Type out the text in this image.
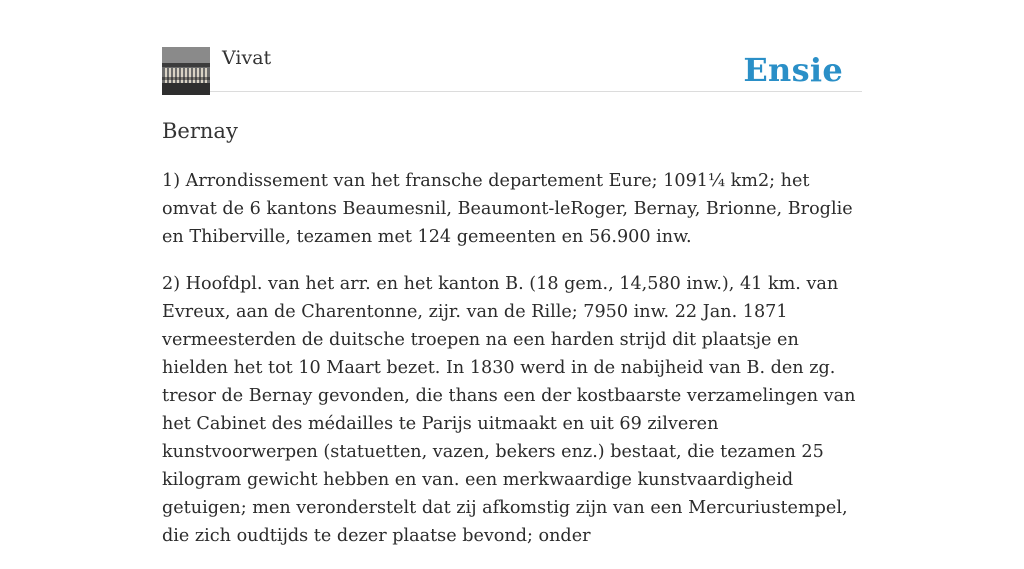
Vivat	Ensie
Bernay

1) Arrondissement van het fransche departement Eure; 1091¼ km2; het omvat de 6 kantons Beaumesnil, Beaumont-leRoger, Bernay, Brionne, Broglie en Thiberville, tezamen met 124 gemeenten en 56.900 inw.

2) Hoofdpl. van het arr. en het kanton B. (18 gem., 14,580 inw.), 41 km. van Evreux, aan de Charentonne, zijr. van de Rille; 7950 inw. 22 Jan. 1871 vermeesterden de duitsche troepen na een harden strijd dit plaatsje en hielden het tot 10 Maart bezet. In 1830 werd in de nabijheid van B. den zg. tresor de Bernay gevonden, die thans een der kostbaarste verzamelingen van het Cabinet des médailles te Parijs uitmaakt en uit 69 zilveren kunstvoorwerpen (statuetten, vazen, bekers enz.) bestaat, die tezamen 25 kilogram gewicht hebben en van. een merkwaardige kunstvaardigheid getuigen; men veronderstelt dat zij afkomstig zijn van een Mercuriustempel, die zich oudtijds te dezer plaatse bevond; onder
